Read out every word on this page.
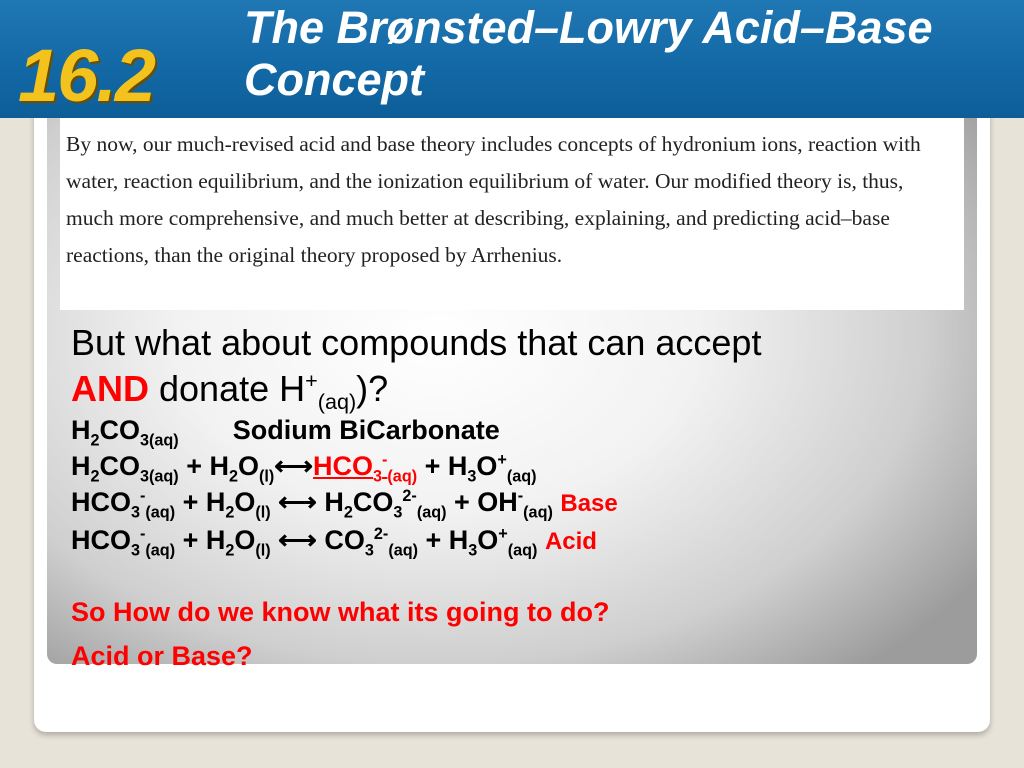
16.2
The Brønsted–Lowry Acid–Base
Concept
By now, our much-revised acid and base theory includes concepts of hydronium ions, reaction with water, reaction equilibrium, and the ionization equilibrium of water. Our modified theory is, thus, much more comprehensive, and much better at describing, explaining, and predicting acid–base reactions, than the original theory proposed by Arrhenius.

But what about compounds that can accept
AND donate $H^+_{(aq)}$)?

$H_2CO_{3(aq)}$ Sodium BiCarbonate

$H_2CO_{3(aq)}$ + $H_2O_{(l)}⟷HCO_3^-_{(aq)} + H_3O^+_{(aq)}$

$HCO_3^-_{(aq)} + H_2O_{(l)}$ ⟷ $H_2CO_3^{2-}_{(aq)} + OH^-_{(aq)}$ Base

$HCO_3^-_{(aq)} + H_2O_{(l)}$ ⟷ $CO_3^{2-}_{(aq)} + H_3O^+_{(aq)}$ Acid

So How do we know what its going to do?
Acid or Base?
